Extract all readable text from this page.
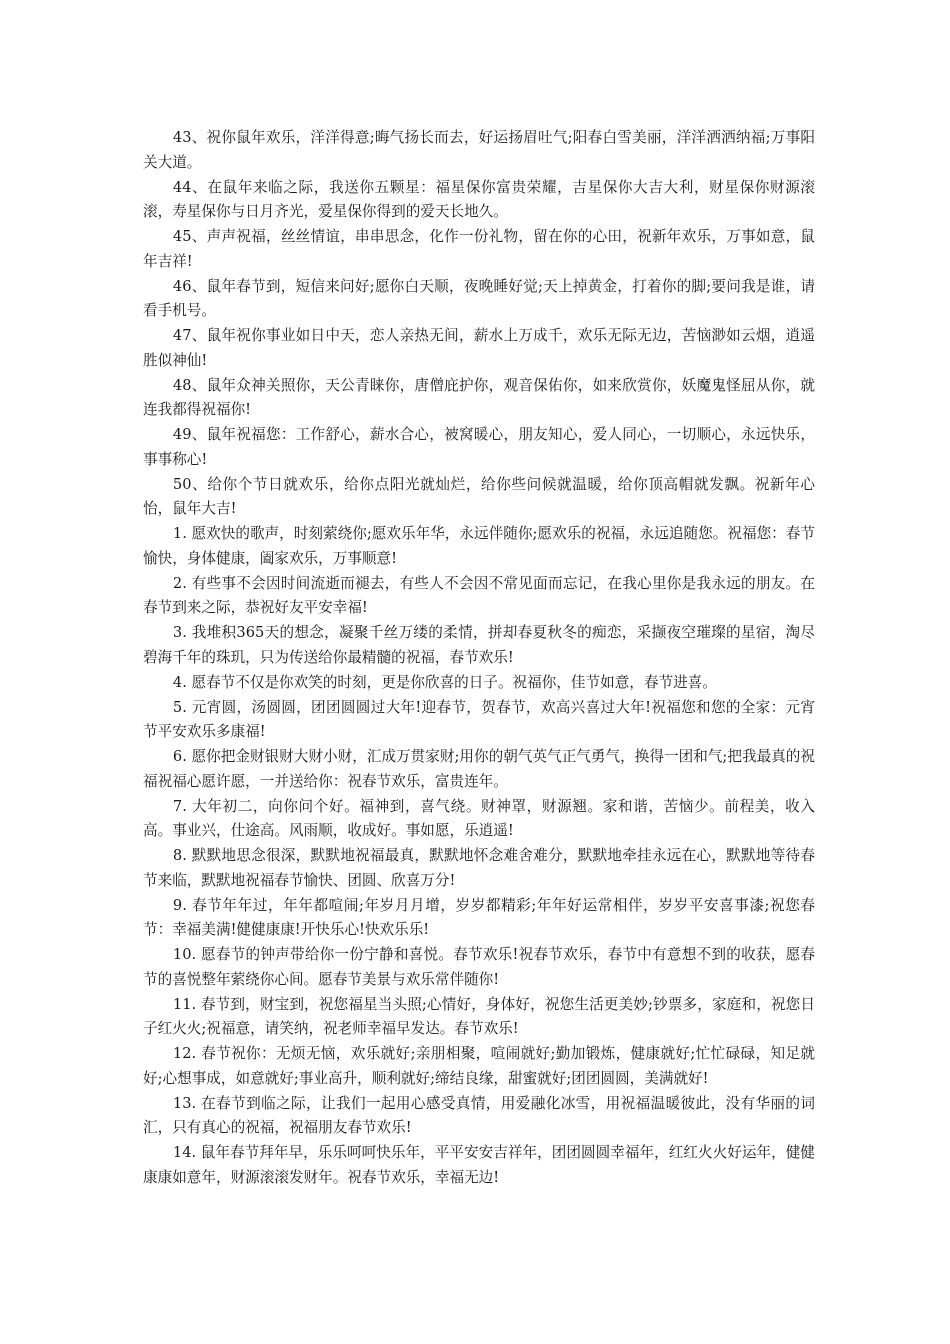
43、祝你鼠年欢乐，洋洋得意;晦气扬长而去，好运扬眉吐气;阳春白雪美丽，洋洋洒洒纳福;万事阳关大道。

44、在鼠年来临之际，我送你五颗星：福星保你富贵荣耀，吉星保你大吉大利，财星保你财源滚滚，寿星保你与日月齐光，爱星保你得到的爱天长地久。

45、声声祝福，丝丝情谊，串串思念，化作一份礼物，留在你的心田，祝新年欢乐，万事如意，鼠年吉祥!

46、鼠年春节到，短信来问好;愿你白天顺，夜晚睡好觉;天上掉黄金，打着你的脚;要问我是谁，请看手机号。

47、鼠年祝你事业如日中天，恋人亲热无间，薪水上万成千，欢乐无际无边，苦恼渺如云烟，逍遥胜似神仙!

48、鼠年众神关照你，天公青睐你，唐僧庇护你，观音保佑你，如来欣赏你，妖魔鬼怪屈从你，就连我都得祝福你!

49、鼠年祝福您：工作舒心，薪水合心，被窝暖心，朋友知心，爱人同心，一切顺心，永远快乐，事事称心!

50、给你个节日就欢乐，给你点阳光就灿烂，给你些问候就温暖，给你顶高帽就发飘。祝新年心怡，鼠年大吉!

1. 愿欢快的歌声，时刻萦绕你;愿欢乐年华，永远伴随你;愿欢乐的祝福，永远追随您。祝福您：春节愉快，身体健康，阖家欢乐，万事顺意!

2. 有些事不会因时间流逝而褪去，有些人不会因不常见面而忘记，在我心里你是我永远的朋友。在春节到来之际，恭祝好友平安幸福!

3. 我堆积365天的想念，凝聚千丝万缕的柔情，拼却春夏秋冬的痴恋，采撷夜空璀璨的星宿，淘尽碧海千年的珠玑，只为传送给你最精髓的祝福，春节欢乐!

4. 愿春节不仅是你欢笑的时刻，更是你欣喜的日子。祝福你，佳节如意，春节进喜。

5. 元宵圆，汤圆圆，团团圆圆过大年!迎春节，贺春节，欢高兴喜过大年!祝福您和您的全家：元宵节平安欢乐多康福!

6. 愿你把金财银财大财小财，汇成万贯家财;用你的朝气英气正气勇气，换得一团和气;把我最真的祝福祝福心愿许愿，一并送给你：祝春节欢乐，富贵连年。

7. 大年初二，向你问个好。福神到，喜气绕。财神罩，财源翘。家和谐，苦恼少。前程美，收入高。事业兴，仕途高。风雨顺，收成好。事如愿，乐逍遥!

8. 默默地思念很深，默默地祝福最真，默默地怀念难舍难分，默默地牵挂永远在心，默默地等待春节来临，默默地祝福春节愉快、团圆、欣喜万分!

9. 春节年年过，年年都喧闹;年岁月月增，岁岁都精彩;年年好运常相伴，岁岁平安喜事漆;祝您春节：幸福美满!健健康康!开快乐心!快欢乐乐!

10. 愿春节的钟声带给你一份宁静和喜悦。春节欢乐!祝春节欢乐，春节中有意想不到的收获，愿春节的喜悦整年萦绕你心间。愿春节美景与欢乐常伴随你!

11. 春节到，财宝到，祝您福星当头照;心情好，身体好，祝您生活更美妙;钞票多，家庭和，祝您日子红火火;祝福意，请笑纳，祝老师幸福早发达。春节欢乐!

12. 春节祝你：无烦无恼，欢乐就好;亲朋相聚，喧闹就好;勤加锻炼，健康就好;忙忙碌碌，知足就好;心想事成，如意就好;事业高升，顺利就好;缔结良缘，甜蜜就好;团团圆圆，美满就好!

13. 在春节到临之际，让我们一起用心感受真情，用爱融化冰雪，用祝福温暖彼此，没有华丽的词汇，只有真心的祝福，祝福朋友春节欢乐!

14. 鼠年春节拜年早，乐乐呵呵快乐年，平平安安吉祥年，团团圆圆幸福年，红红火火好运年，健健康康如意年，财源滚滚发财年。祝春节欢乐，幸福无边!
